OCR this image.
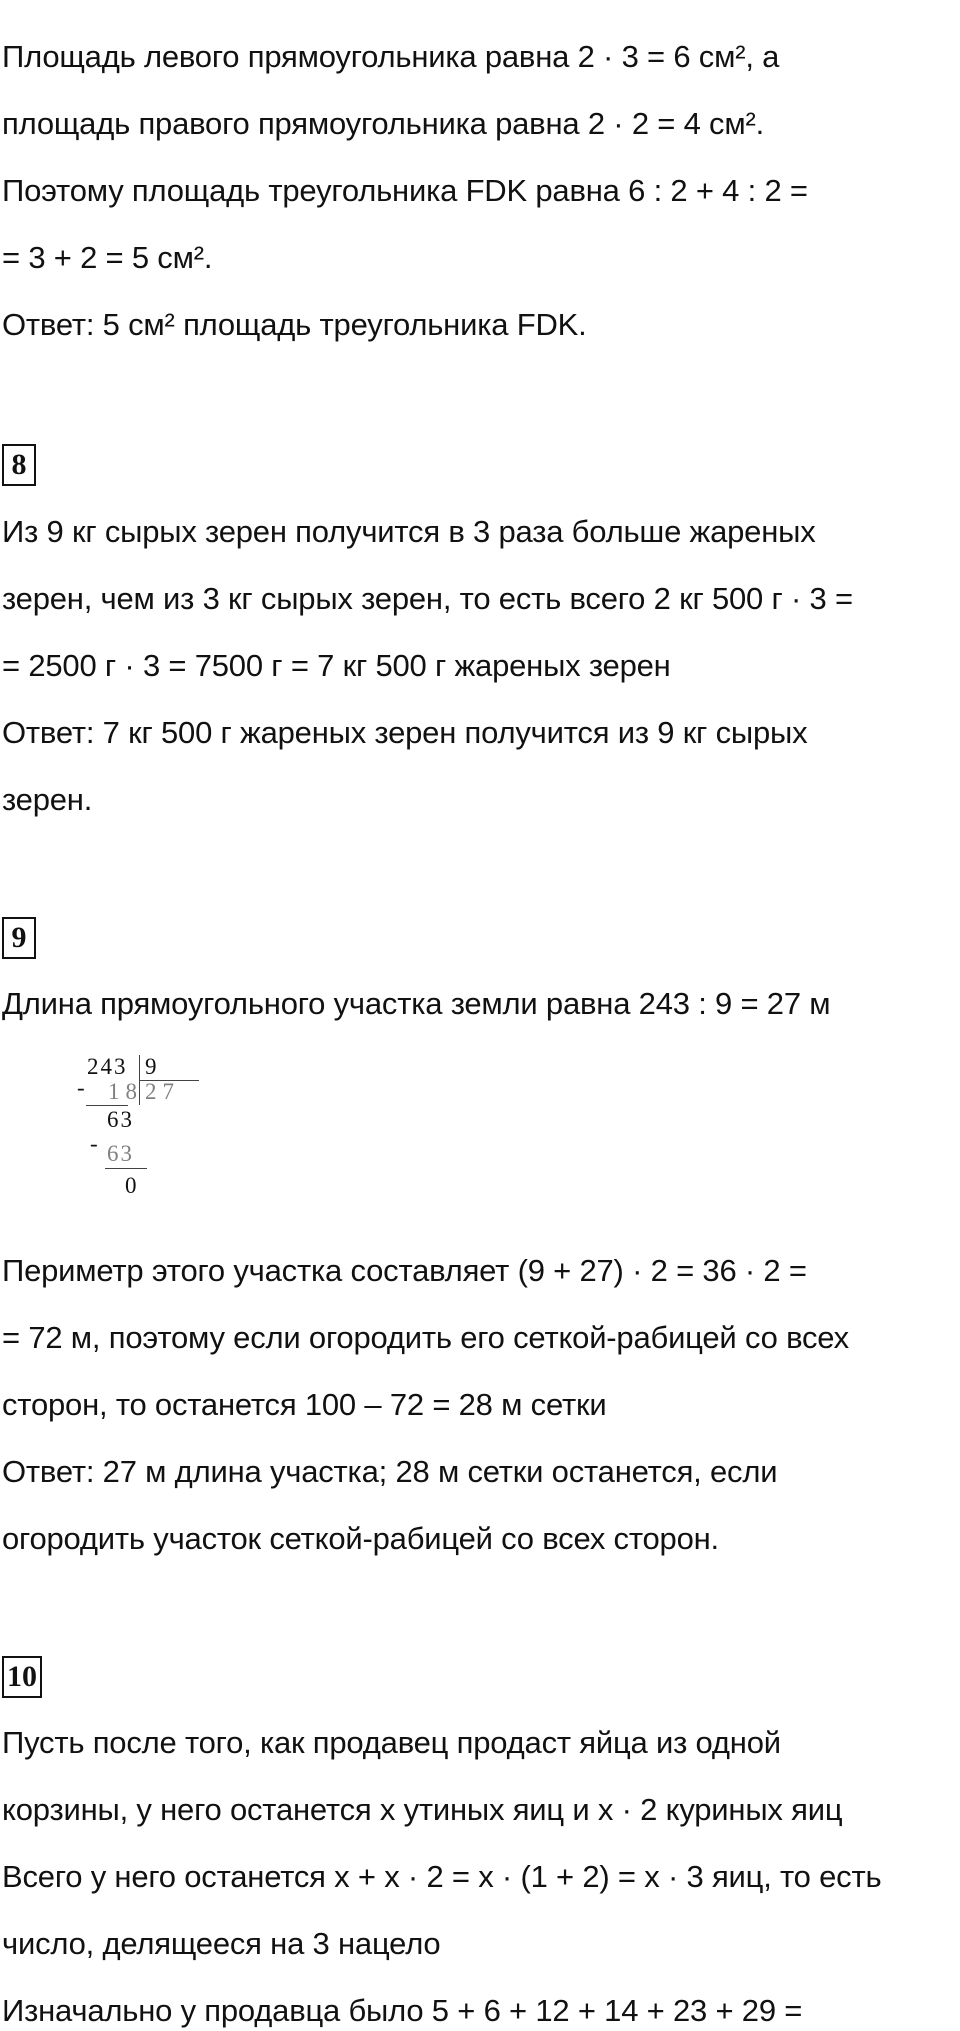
Площадь левого прямоугольника равна 2 · 3 = 6 см², а
площадь правого прямоугольника равна 2 · 2 = 4 см².
Поэтому площадь треугольника FDK равна 6 : 2 + 4 : 2 =
= 3 + 2 = 5 см².
Ответ: 5 см² площадь треугольника FDK.
8
Из 9 кг сырых зерен получится в 3 раза больше жареных
зерен, чем из 3 кг сырых зерен, то есть всего 2 кг 500 г · 3 =
= 2500 г · 3 = 7500 г = 7 кг 500 г жареных зерен
Ответ: 7 кг 500 г жареных зерен получится из 9 кг сырых
зерен.
9
Длина прямоугольного участка земли равна 243 : 9 = 27 м
-
243 9
18 27
63
- 63
0
Периметр этого участка составляет (9 + 27) · 2 = 36 · 2 =
= 72 м, поэтому если огородить его сеткой-рабицей со всех
сторон, то останется 100 – 72 = 28 м сетки
Ответ: 27 м длина участка; 28 м сетки останется, если
огородить участок сеткой-рабицей со всех сторон.
10
Пусть после того, как продавец продаст яйца из одной
корзины, у него останется x утиных яиц и x · 2 куриных яиц
Всего у него останется x + x · 2 = x · (1 + 2) = x · 3 яиц, то есть
число, делящееся на 3 нацело
Изначально у продавца было 5 + 6 + 12 + 14 + 23 + 29 =
